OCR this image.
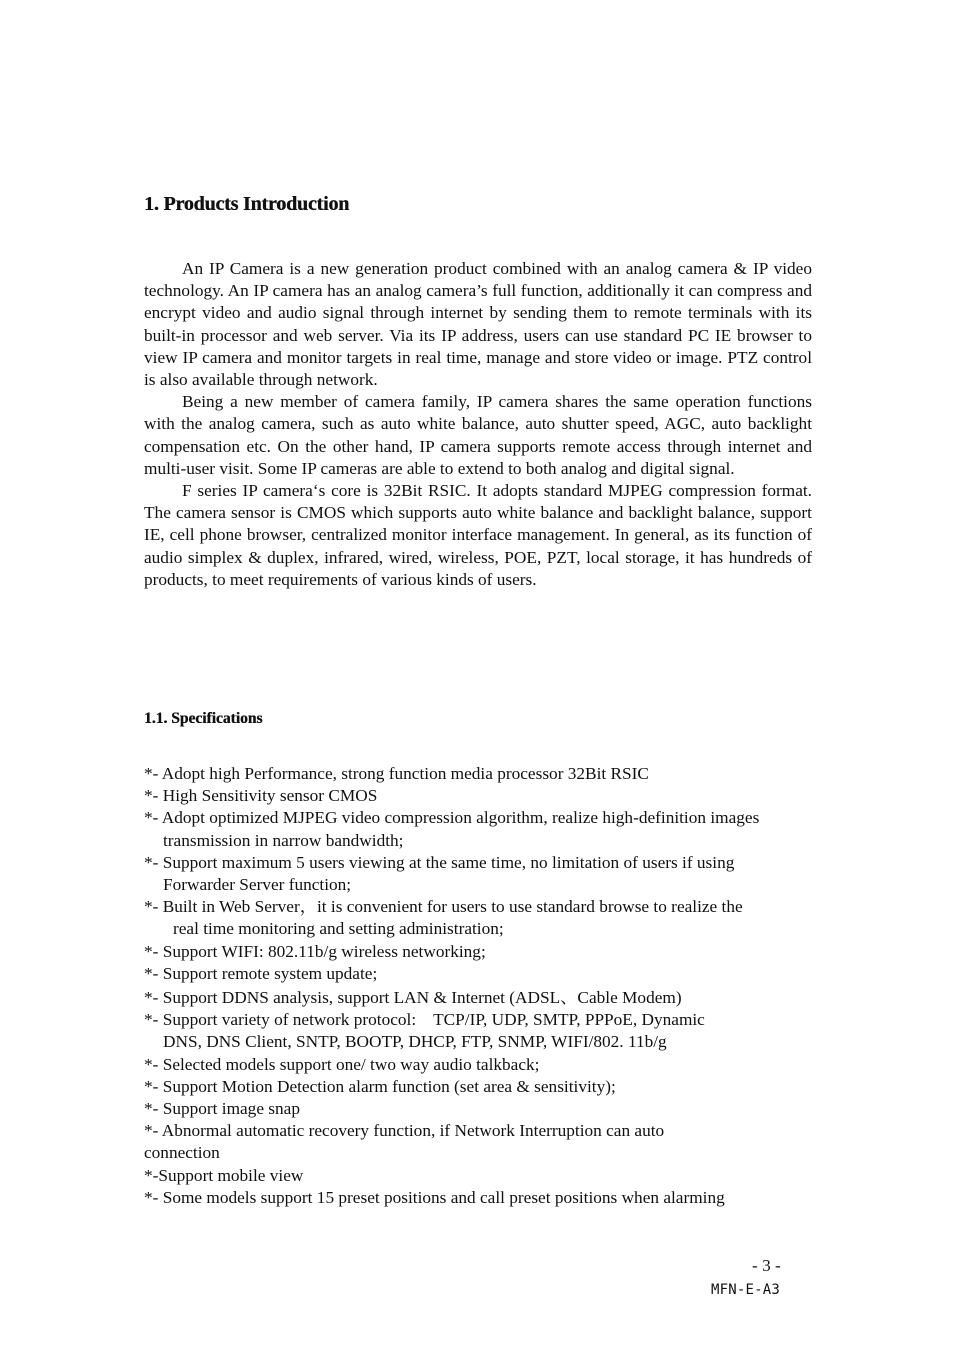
1. Products Introduction

An IP Camera is a new generation product combined with an analog camera & IP video technology. An IP camera has an analog camera’s full function, additionally it can compress and encrypt video and audio signal through internet by sending them to remote terminals with its built-in processor and web server. Via its IP address, users can use standard PC IE browser to view IP camera and monitor targets in real time, manage and store video or image. PTZ control is also available through network.

Being a new member of camera family, IP camera shares the same operation functions with the analog camera, such as auto white balance, auto shutter speed, AGC, auto backlight compensation etc. On the other hand, IP camera supports remote access through internet and multi-user visit. Some IP cameras are able to extend to both analog and digital signal.

F series IP camera‘s core is 32Bit RSIC. It adopts standard MJPEG compression format. The camera sensor is CMOS which supports auto white balance and backlight balance, support IE, cell phone browser, centralized monitor interface management. In general, as its function of audio simplex & duplex, infrared, wired, wireless, POE, PZT, local storage, it has hundreds of products, to meet requirements of various kinds of users.

1.1. Specifications
*- Adopt high Performance, strong function media processor 32Bit RSIC
*- High Sensitivity sensor CMOS
*- Adopt optimized MJPEG video compression algorithm, realize high-definition images
transmission in narrow bandwidth;
*- Support maximum 5 users viewing at the same time, no limitation of users if using
Forwarder Server function;
*- Built in Web Server，it is convenient for users to use standard browse to realize the
real time monitoring and setting administration;
*- Support WIFI: 802.11b/g wireless networking;
*- Support remote system update;
*- Support DDNS analysis, support LAN & Internet (ADSL、Cable Modem)
*- Support variety of network protocol:    TCP/IP, UDP, SMTP, PPPoE, Dynamic
DNS, DNS Client, SNTP, BOOTP, DHCP, FTP, SNMP, WIFI/802. 11b/g
*- Selected models support one/ two way audio talkback;
*- Support Motion Detection alarm function (set area & sensitivity);
*- Support image snap
*- Abnormal automatic recovery function, if Network Interruption can auto
connection
*-Support mobile view
*- Some models support 15 preset positions and call preset positions when alarming
- 3 -
MFN-E-A3
